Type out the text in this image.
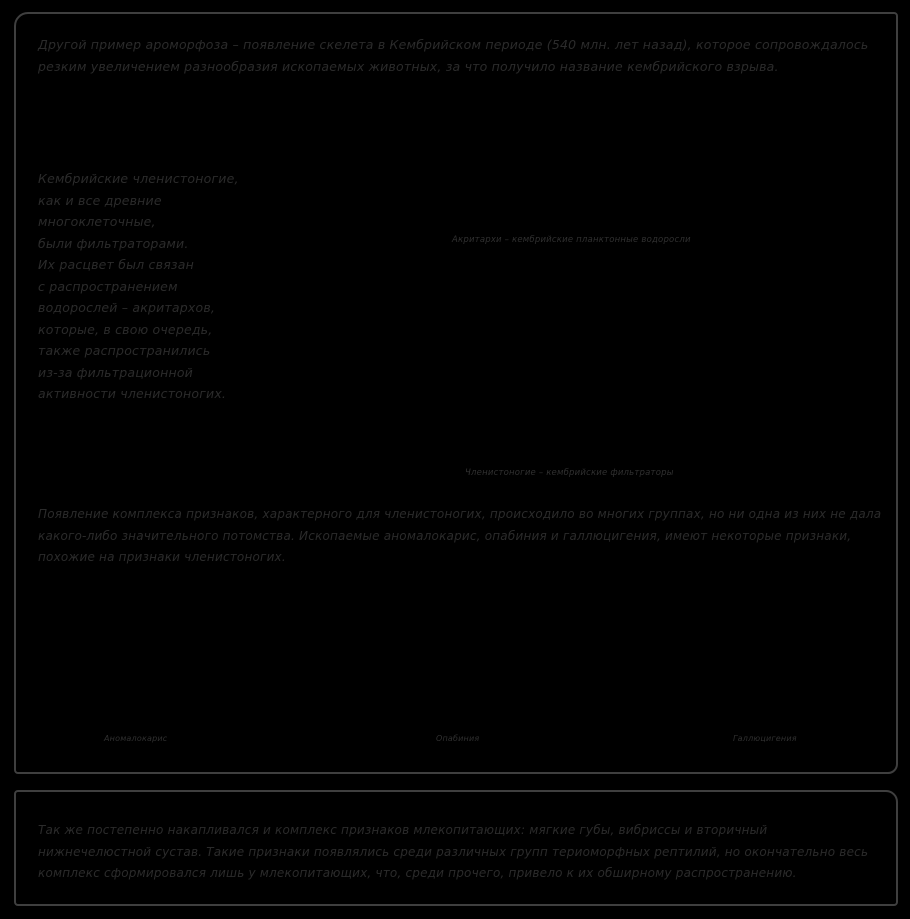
Другой пример ароморфоза – появление скелета в Кембрийском периоде (540 млн. лет назад), которое сопровождалось резким увеличением разнообразия ископаемых животных, за что получило название кембрийского взрыва.
Кембрийские членистоногие,
как и все древние
многоклеточные,
были фильтраторами.
Их расцвет был связан
с распространением
водорослей – акритархов,
которые, в свою очередь,
также распространились
из-за фильтрационной
активности членистоногих.
Акритархи – кембрийские планктонные водоросли
Членистоногие – кембрийские фильтраторы
Появление комплекса признаков, характерного для членистоногих, происходило во многих группах, но ни одна из них не дала какого-либо значительного потомства. Ископаемые аномалокарис, опабиния и галлюцигения, имеют некоторые признаки, похожие на признаки членистоногих.
Аномалокарис	Опабиния	Галлюцигения
Так же постепенно накапливался и комплекс признаков млекопитающих: мягкие губы, вибриссы и вторичный нижнечелюстной сустав. Такие признаки появлялись среди различных групп териоморфных рептилий, но окончательно весь комплекс сформировался лишь у млекопитающих, что, среди прочего, привело к их обширному распространению.
